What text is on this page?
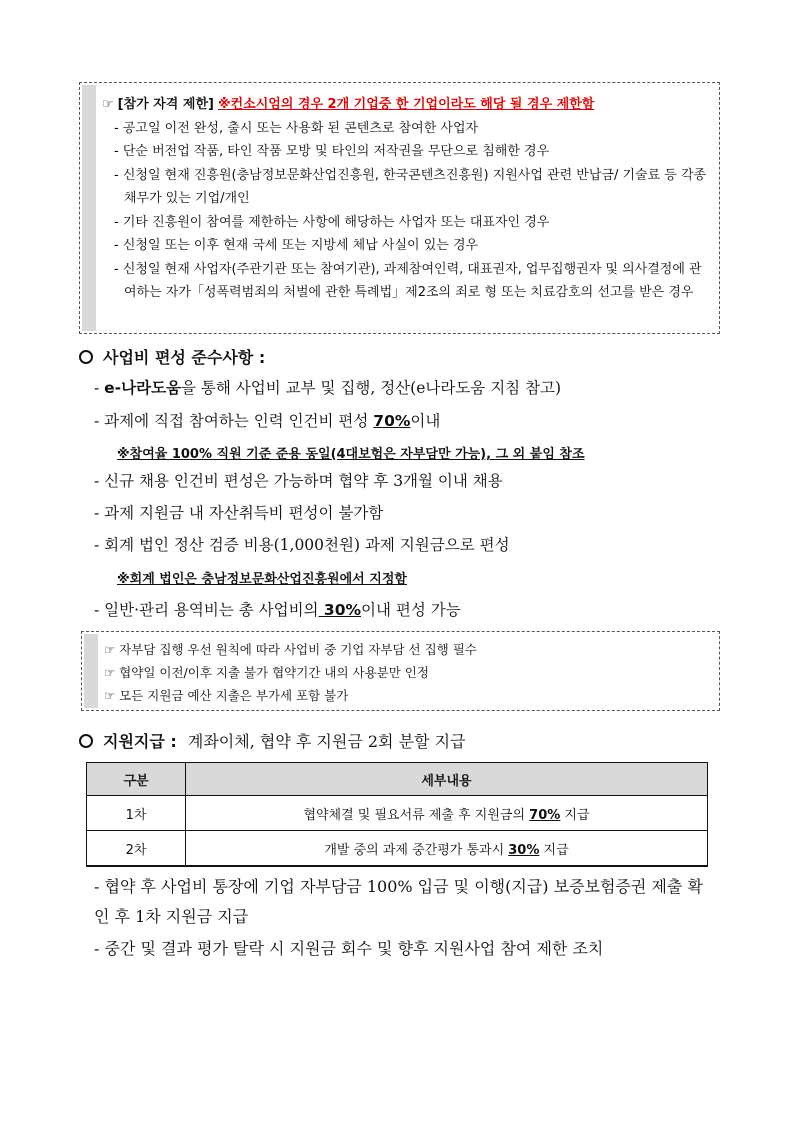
☞ [참가 자격 제한] ※컨소시엄의 경우 2개 기업중 한 기업이라도 해당 될 경우 제한함
- 공고일 이전 완성, 출시 또는 사용화 된 콘텐츠로 참여한 사업자
- 단순 버전업 작품, 타인 작품 모방 및 타인의 저작권을 무단으로 침해한 경우
- 신청일 현재 진흥원(충남정보문화산업진흥원, 한국콘텐츠진흥원) 지원사업 관련 반납금/ 기술료 등 각종 채무가 있는 기업/개인
- 기타 진흥원이 참여를 제한하는 사항에 해당하는 사업자 또는 대표자인 경우
- 신청일 또는 이후 현재 국세 또는 지방세 체납 사실이 있는 경우
- 신청일 현재 사업자(주관기관 또는 참여기관), 과제참여인력, 대표권자, 업무집행권자 및 의사결정에 관여하는 자가「성폭력범죄의 처벌에 관한 특례법」제2조의 죄로 형 또는 치료감호의 선고를 받은 경우
사업비 편성 준수사항 :
- e-나라도움을 통해 사업비 교부 및 집행, 정산(e나라도움 지침 참고)
- 과제에 직접 참여하는 인력 인건비 편성 70%이내
※참여율 100% 직원 기준 준용 동일(4대보험은 자부담만 가능), 그 외 붙임 참조
- 신규 채용 인건비 편성은 가능하며 협약 후 3개월 이내 채용
- 과제 지원금 내 자산취득비 편성이 불가함
- 회계 법인 정산 검증 비용(1,000천원) 과제 지원금으로 편성
※회계 법인은 충남정보문화산업진흥원에서 지정함
- 일반·관리 용역비는 총 사업비의 30%이내 편성 가능
☞ 자부담 집행 우선 원칙에 따라 사업비 중 기업 자부담 선 집행 필수
☞ 협약일 이전/이후 지출 불가 협약기간 내의 사용분만 인정
☞ 모든 지원금 예산 지출은 부가세 포함 불가
지원지급 : 계좌이체, 협약 후 지원금 2회 분할 지급
구분	세부내용
1차	협약체결 및 필요서류 제출 후 지원금의 70% 지급
2차	개발 중의 과제 중간평가 통과시 30% 지급
- 협약 후 사업비 통장에 기업 자부담금 100% 입금 및 이행(지급) 보증보험증권 제출 확인 후 1차 지원금 지급
- 중간 및 결과 평가 탈락 시 지원금 회수 및 향후 지원사업 참여 제한 조치
